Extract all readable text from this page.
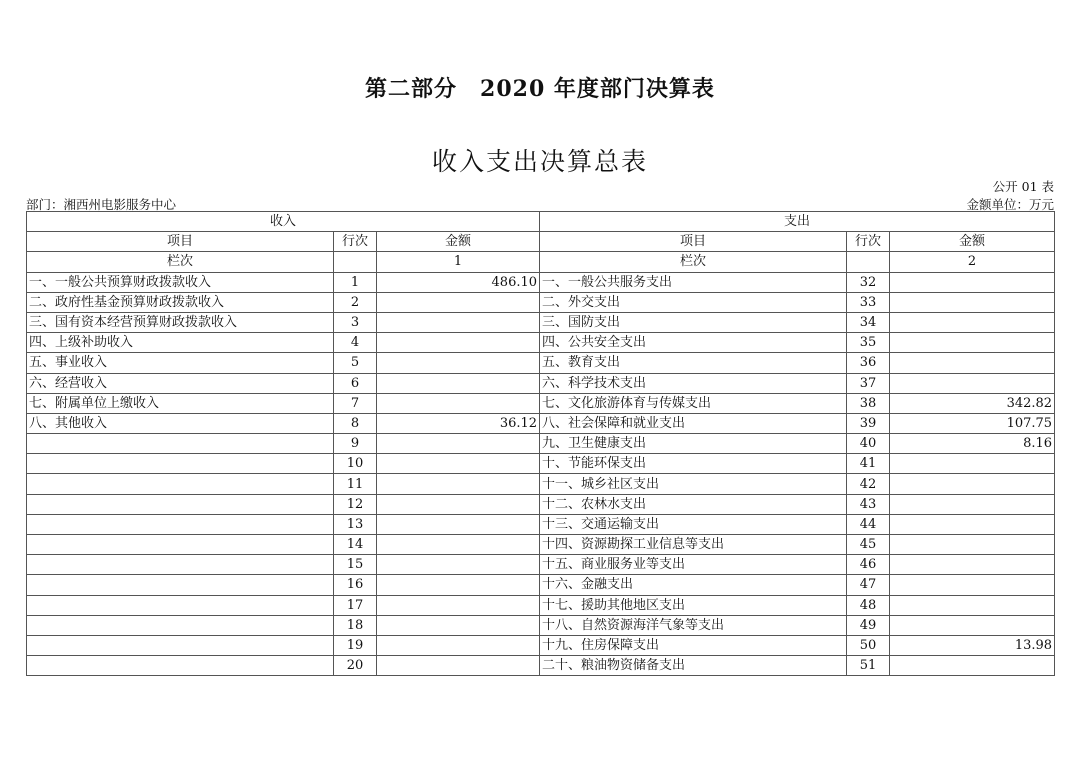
第二部分　2020 年度部门决算表
收入支出决算总表
公开 01 表
部门：湘西州电影服务中心	金额单位：万元
收入			支出		
项目	行次	金额	项目	行次	金额
栏次		1	栏次		2
一、一般公共预算财政拨款收入	1	486.10	一、一般公共服务支出	32	
二、政府性基金预算财政拨款收入	2		二、外交支出	33	
三、国有资本经营预算财政拨款收入	3		三、国防支出	34	
四、上级补助收入	4		四、公共安全支出	35	
五、事业收入	5		五、教育支出	36	
六、经营收入	6		六、科学技术支出	37	
七、附属单位上缴收入	7		七、文化旅游体育与传媒支出	38	342.82
八、其他收入	8	36.12	八、社会保障和就业支出	39	107.75
	9		九、卫生健康支出	40	8.16
	10		十、节能环保支出	41	
	11		十一、城乡社区支出	42	
	12		十二、农林水支出	43	
	13		十三、交通运输支出	44	
	14		十四、资源勘探工业信息等支出	45	
	15		十五、商业服务业等支出	46	
	16		十六、金融支出	47	
	17		十七、援助其他地区支出	48	
	18		十八、自然资源海洋气象等支出	49	
	19		十九、住房保障支出	50	13.98
	20		二十、粮油物资储备支出	51	
